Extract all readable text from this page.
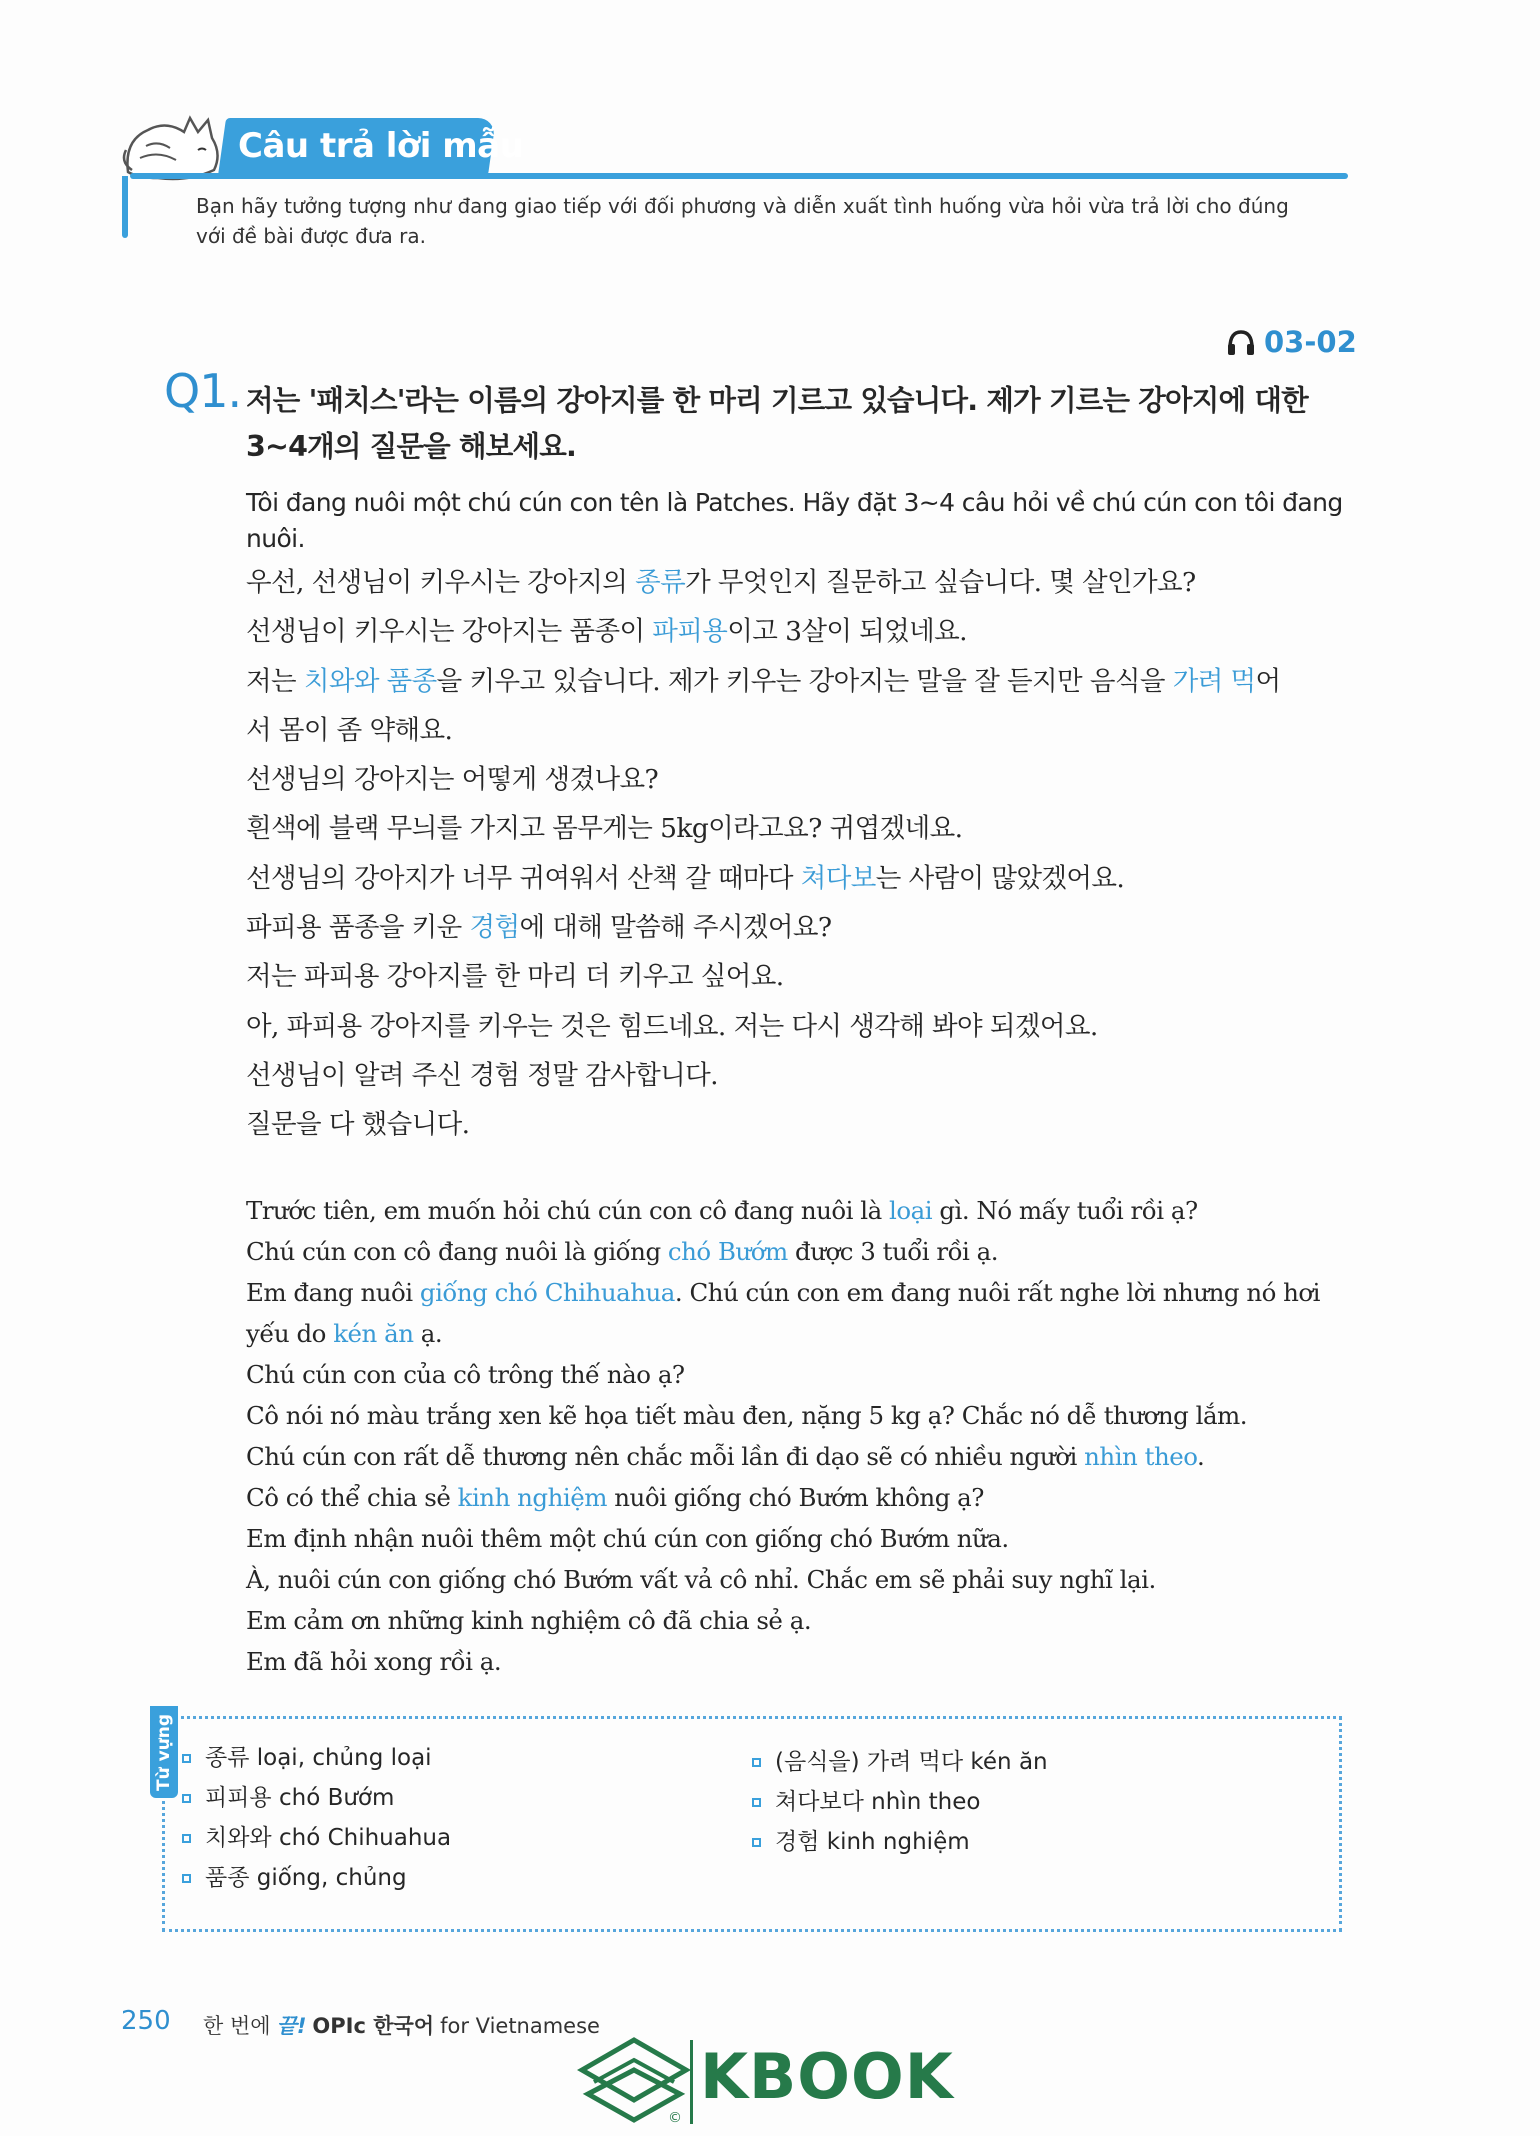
Câu trả lời mẫu
Bạn hãy tưởng tượng như đang giao tiếp với đối phương và diễn xuất tình huống vừa hỏi vừa trả lời cho đúng với đề bài được đưa ra.
03-02
Q1. 저는 '패치스'라는 이름의 강아지를 한 마리 기르고 있습니다. 제가 기르는 강아지에 대한 3~4개의 질문을 해보세요.
Tôi đang nuôi một chú cún con tên là Patches. Hãy đặt 3~4 câu hỏi về chú cún con tôi đang nuôi.
우선, 선생님이 키우시는 강아지의 종류가 무엇인지 질문하고 싶습니다. 몇 살인가요?
선생님이 키우시는 강아지는 품종이 파피용이고 3살이 되었네요.
저는 치와와 품종을 키우고 있습니다. 제가 키우는 강아지는 말을 잘 듣지만 음식을 가려 먹어
서 몸이 좀 약해요.
선생님의 강아지는 어떻게 생겼나요?
흰색에 블랙 무늬를 가지고 몸무게는 5kg이라고요? 귀엽겠네요.
선생님의 강아지가 너무 귀여워서 산책 갈 때마다 쳐다보는 사람이 많았겠어요.
파피용 품종을 키운 경험에 대해 말씀해 주시겠어요?
저는 파피용 강아지를 한 마리 더 키우고 싶어요.
아, 파피용 강아지를 키우는 것은 힘드네요. 저는 다시 생각해 봐야 되겠어요.
선생님이 알려 주신 경험 정말 감사합니다.
질문을 다 했습니다.
Trước tiên, em muốn hỏi chú cún con cô đang nuôi là loại gì. Nó mấy tuổi rồi ạ?
Chú cún con cô đang nuôi là giống chó Bướm được 3 tuổi rồi ạ.
Em đang nuôi giống chó Chihuahua. Chú cún con em đang nuôi rất nghe lời nhưng nó hơi
yếu do kén ăn ạ.
Chú cún con của cô trông thế nào ạ?
Cô nói nó màu trắng xen kẽ họa tiết màu đen, nặng 5 kg ạ? Chắc nó dễ thương lắm.
Chú cún con rất dễ thương nên chắc mỗi lần đi dạo sẽ có nhiều người nhìn theo.
Cô có thể chia sẻ kinh nghiệm nuôi giống chó Bướm không ạ?
Em định nhận nuôi thêm một chú cún con giống chó Bướm nữa.
À, nuôi cún con giống chó Bướm vất vả cô nhỉ. Chắc em sẽ phải suy nghĩ lại.
Em cảm ơn những kinh nghiệm cô đã chia sẻ ạ.
Em đã hỏi xong rồi ạ.
Từ vựng 종류 loại, chủng loại
피피용 chó Bướm
치와와 chó Chihuahua
품종 giống, chủng
(음식을) 가려 먹다 kén ăn
쳐다보다 nhìn theo
경험 kinh nghiệm
250 한 번에 끝! OPIc 한국어 for Vietnamese
KBOOK
©
